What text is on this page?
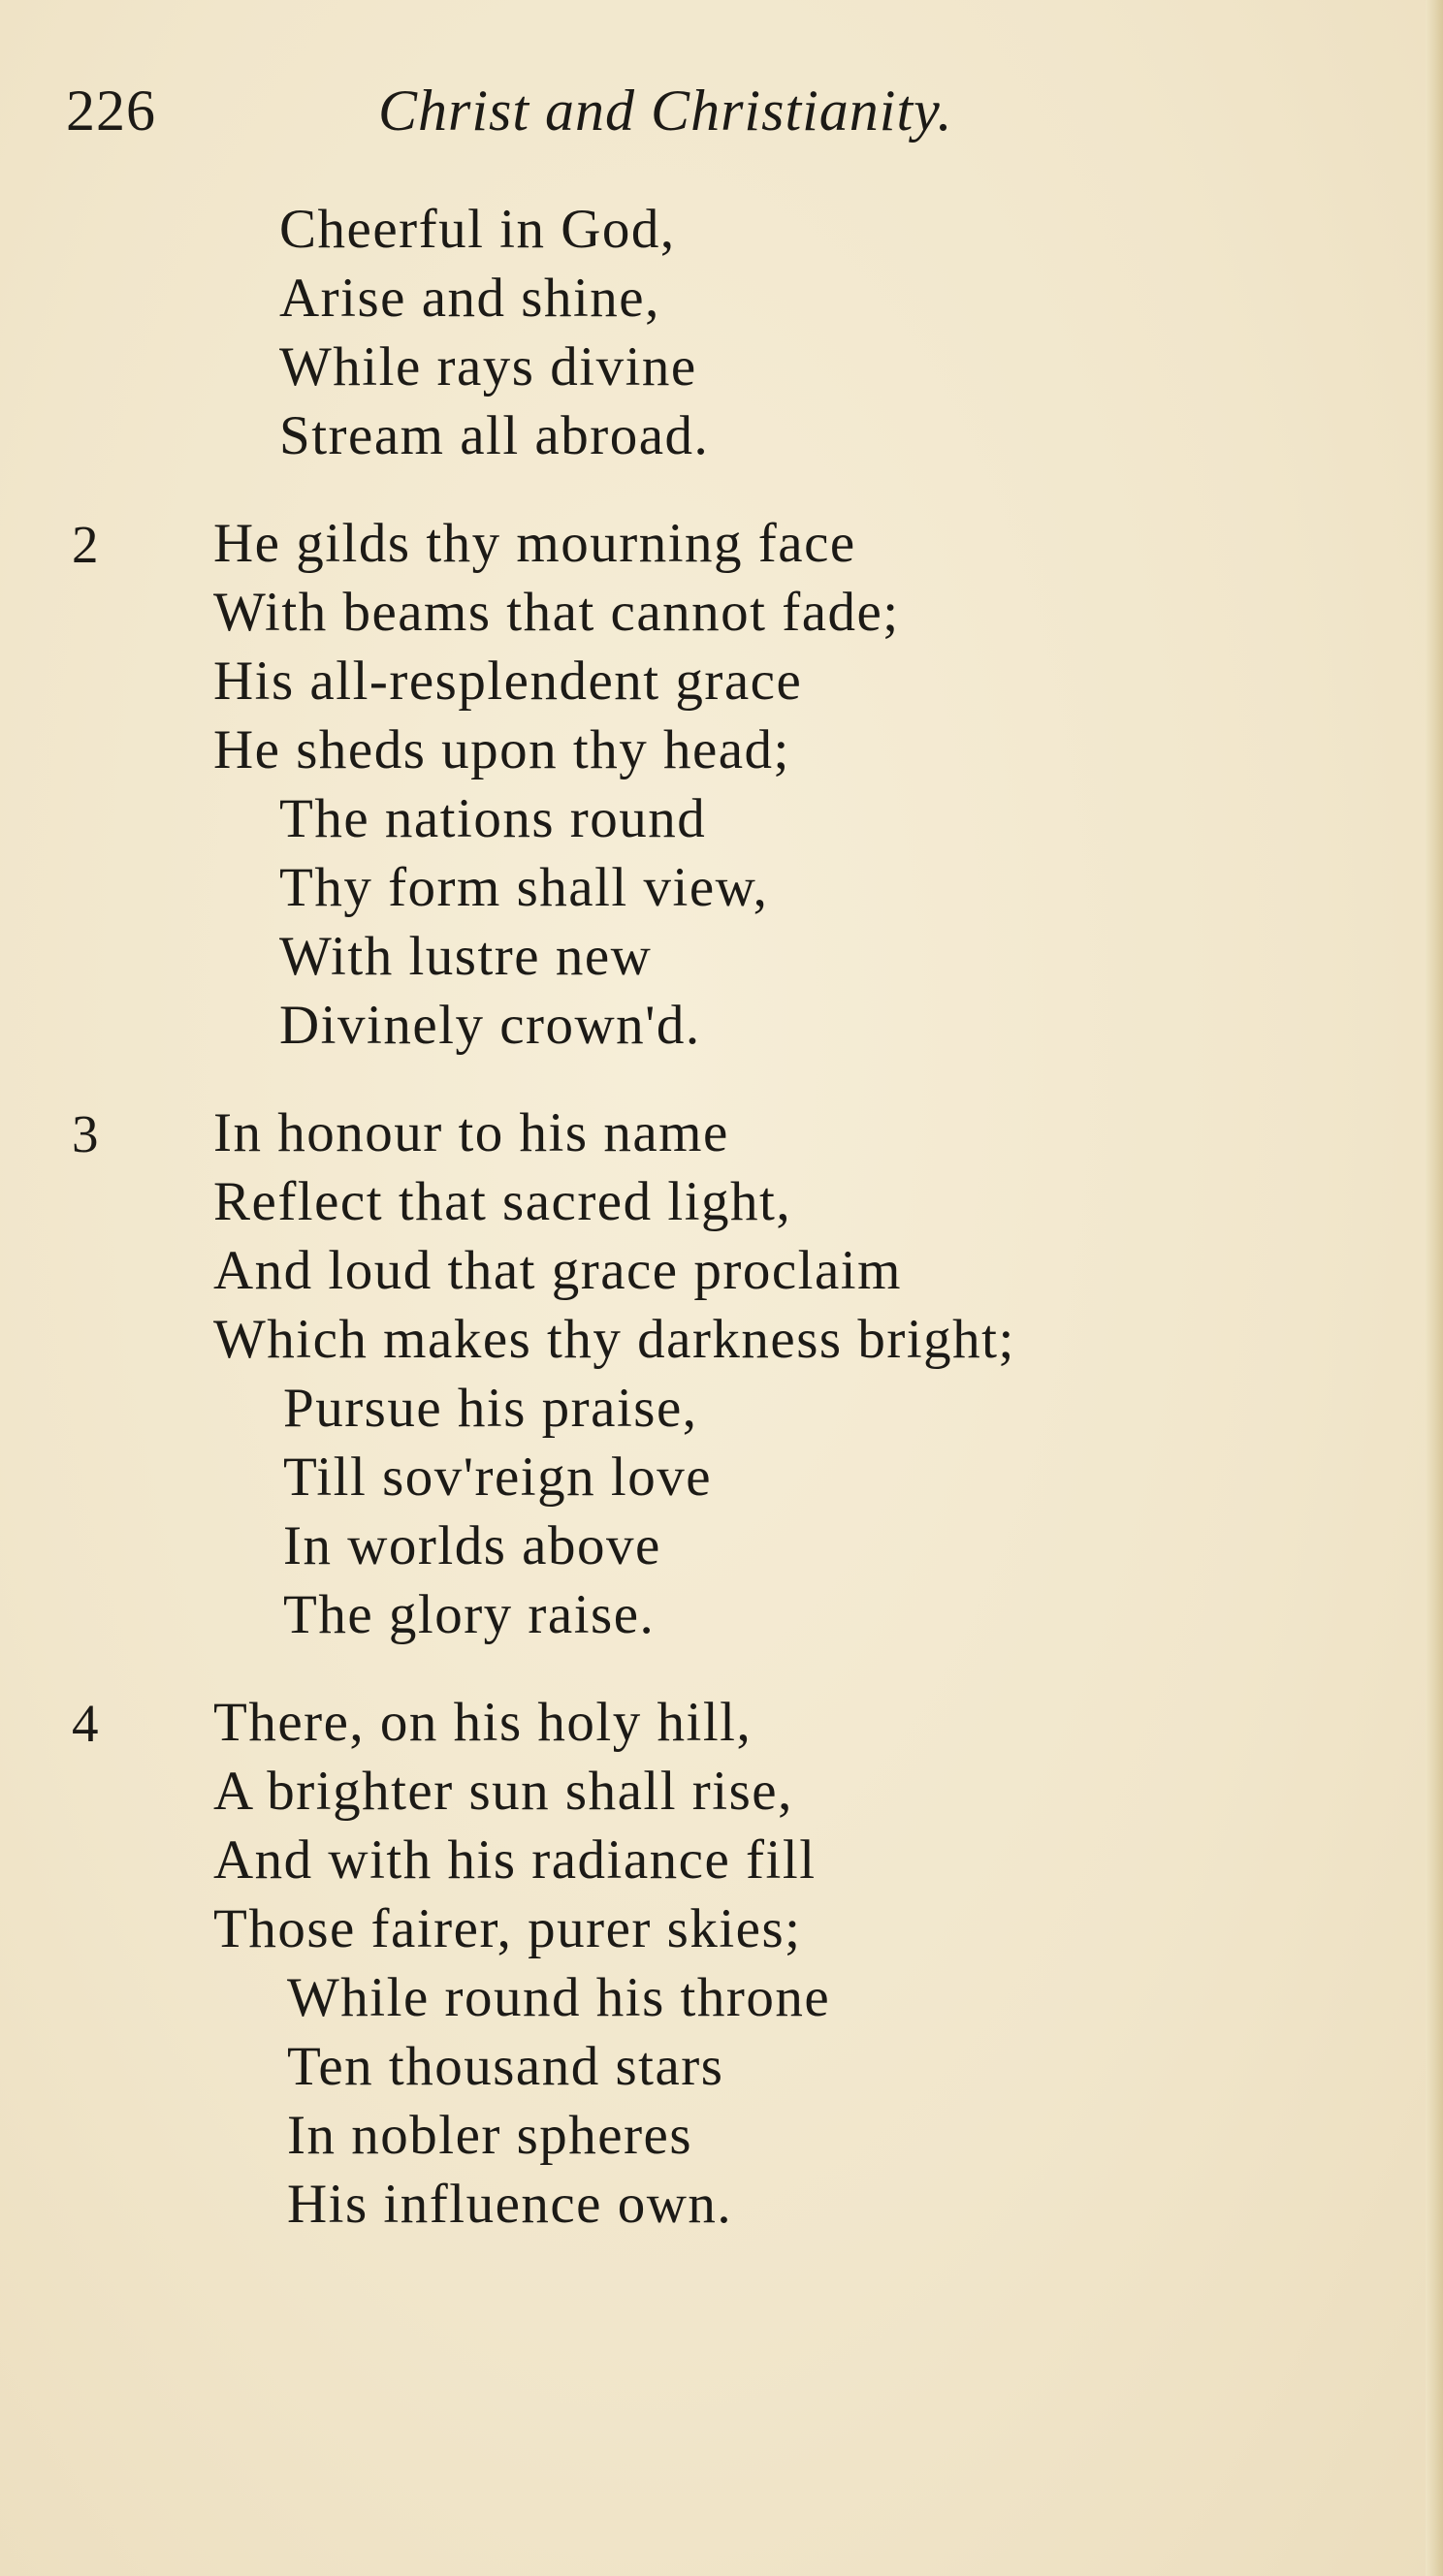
226	Christ and Christianity.
Cheerful in God,
Arise and shine,
While rays divine
Stream all abroad.
2 He gilds thy mourning face
With beams that cannot fade;
His all-resplendent grace
He sheds upon thy head;
The nations round
Thy form shall view,
With lustre new
Divinely crown'd.
3 In honour to his name
Reflect that sacred light,
And loud that grace proclaim
Which makes thy darkness bright;
Pursue his praise,
Till sov'reign love
In worlds above
The glory raise.
4 There, on his holy hill,
A brighter sun shall rise,
And with his radiance fill
Those fairer, purer skies;
While round his throne
Ten thousand stars
In nobler spheres
His influence own.
